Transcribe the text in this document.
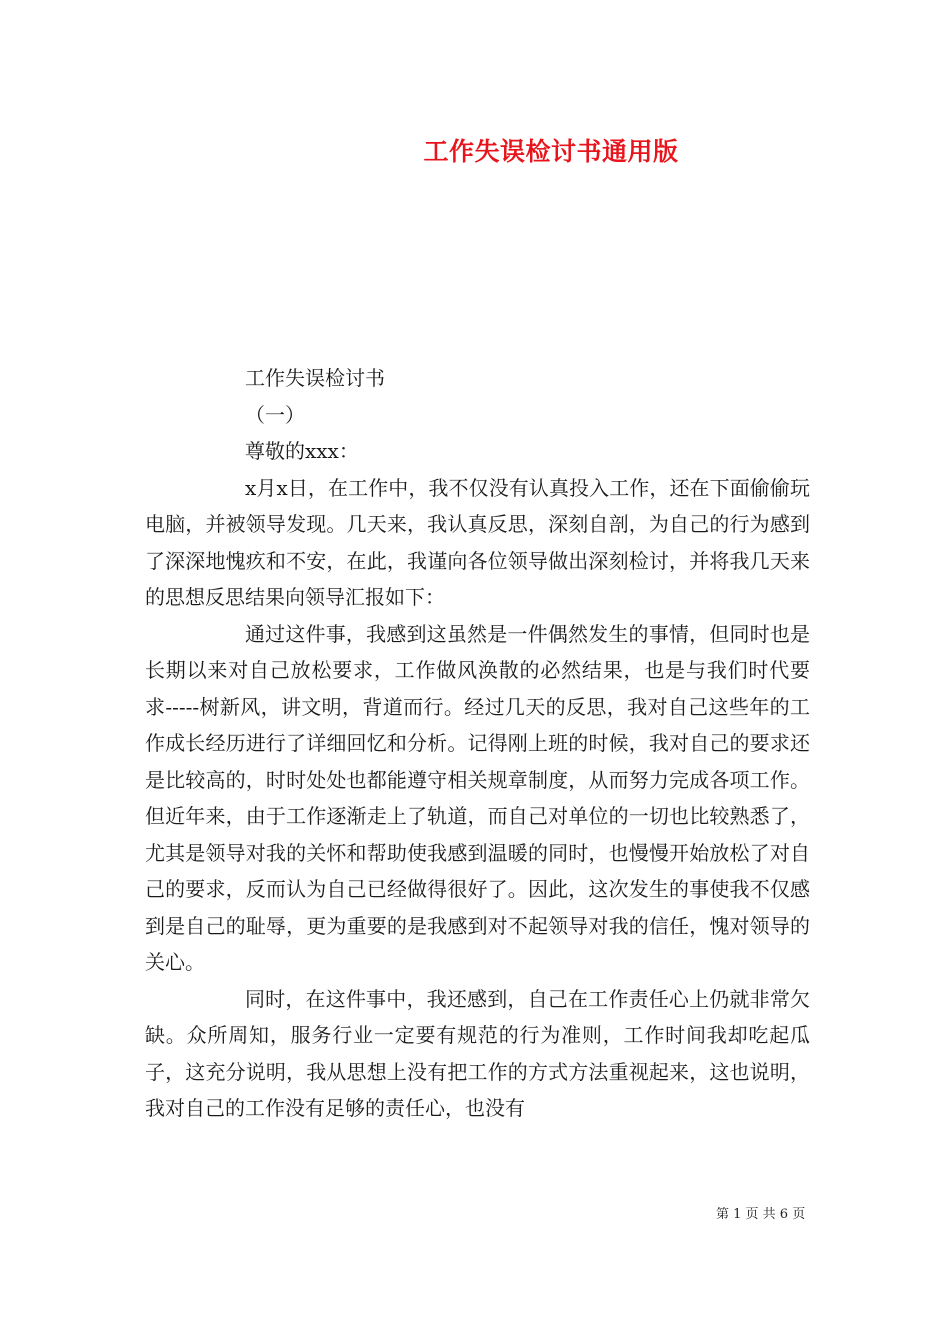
工作失误检讨书通用版
工作失误检讨书
（一）
尊敬的xxx：

x月x日，在工作中，我不仅没有认真投入工作，还在下面偷偷玩电脑，并被领导发现。几天来，我认真反思，深刻自剖，为自己的行为感到了深深地愧疚和不安，在此，我谨向各位领导做出深刻检讨，并将我几天来的思想反思结果向领导汇报如下：

通过这件事，我感到这虽然是一件偶然发生的事情，但同时也是长期以来对自己放松要求，工作做风涣散的必然结果，也是与我们时代要求-----树新风，讲文明，背道而行。经过几天的反思，我对自己这些年的工作成长经历进行了详细回忆和分析。记得刚上班的时候，我对自己的要求还是比较高的，时时处处也都能遵守相关规章制度，从而努力完成各项工作。但近年来，由于工作逐渐走上了轨道，而自己对单位的一切也比较熟悉了，尤其是领导对我的关怀和帮助使我感到温暖的同时，也慢慢开始放松了对自己的要求，反而认为自己已经做得很好了。因此，这次发生的事使我不仅感到是自己的耻辱，更为重要的是我感到对不起领导对我的信任，愧对领导的关心。

同时，在这件事中，我还感到，自己在工作责任心上仍就非常欠缺。众所周知，服务行业一定要有规范的行为准则，工作时间我却吃起瓜子，这充分说明，我从思想上没有把工作的方式方法重视起来，这也说明，我对自己的工作没有足够的责任心，也没有

第 1 页 共 6 页
